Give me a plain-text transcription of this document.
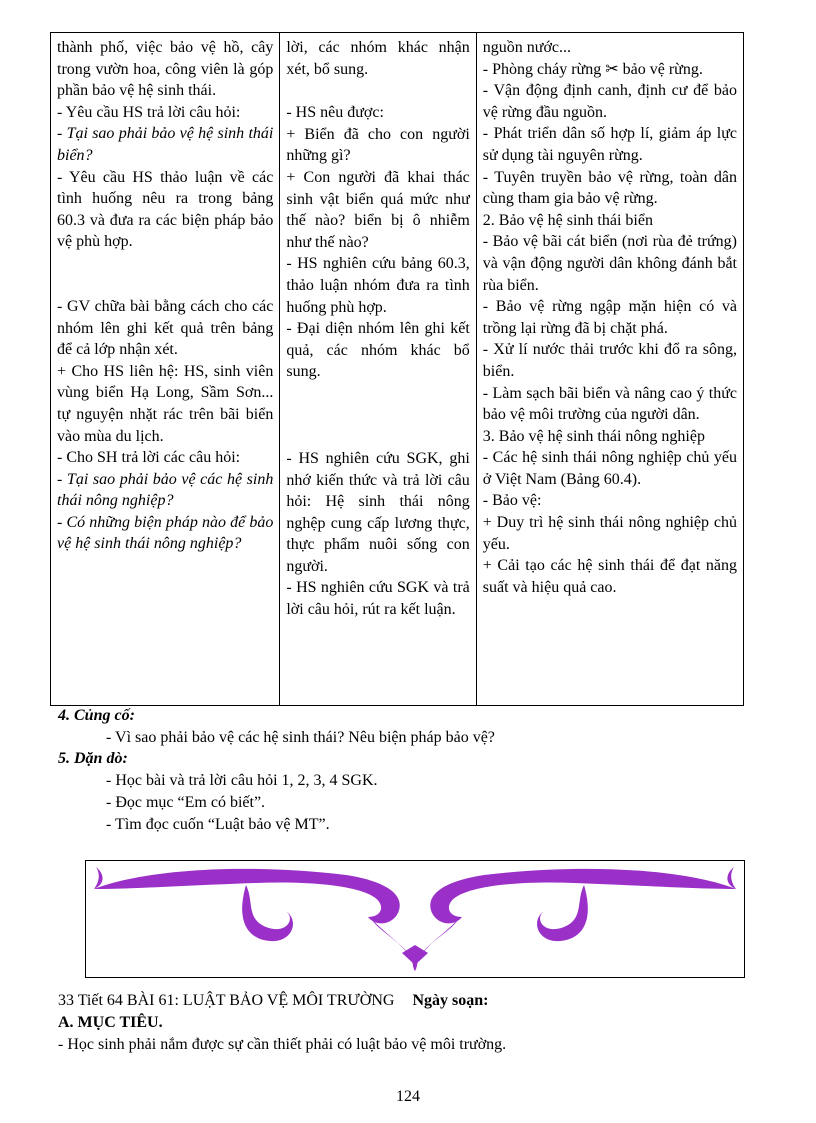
thành phố, việc bảo vệ hồ, cây trong vườn hoa, công viên là góp phần bảo vệ hệ sinh thái.
- Yêu cầu HS trả lời câu hỏi:
- Tại sao phải bảo vệ hệ sinh thái biển?
- Yêu cầu HS thảo luận về các tình huống nêu ra trong bảng 60.3 và đưa ra các biện pháp bảo vệ phù hợp.
- GV chữa bài bằng cách cho các nhóm lên ghi kết quả trên bảng để cả lớp nhận xét.
+ Cho HS liên hệ: HS, sinh viên vùng biển Hạ Long, Sầm Sơn... tự nguyện nhặt rác trên bãi biển vào mùa du lịch.
- Cho SH trả lời các câu hỏi:
- Tại sao phải bảo vệ các hệ sinh thái nông nghiệp?
- Có những biện pháp nào để bảo vệ hệ sinh thái nông nghiệp?
lời, các nhóm khác nhận xét, bổ sung.
- HS nêu được:
+ Biển đã cho con người những gì?
+ Con người đã khai thác sinh vật biển quá mức như thế nào? biển bị ô nhiễm như thế nào?
- HS nghiên cứu bảng 60.3, thảo luận nhóm đưa ra tình huống phù hợp.
- Đại diện nhóm lên ghi kết quả, các nhóm khác bổ sung.
- HS nghiên cứu SGK, ghi nhớ kiến thức và trả lời câu hỏi: Hệ sinh thái nông nghệp cung cấp lương thực, thực phẩm nuôi sống con người.
- HS nghiên cứu SGK và trả lời câu hỏi, rút ra kết luận.
nguồn nước...
- Phòng cháy rừng ✂ bảo vệ rừng.
- Vận động định canh, định cư để bảo vệ rừng đầu nguồn.
- Phát triển dân số hợp lí, giảm áp lực sử dụng tài nguyên rừng.
- Tuyên truyền bảo vệ rừng, toàn dân cùng tham gia bảo vệ rừng.
2. Bảo vệ hệ sinh thái biển
- Bảo vệ bãi cát biển (nơi rùa đẻ trứng) và vận động người dân không đánh bắt rùa biển.
- Bảo vệ rừng ngập mặn hiện có và trồng lại rừng đã bị chặt phá.
- Xử lí nước thải trước khi đổ ra sông, biển.
- Làm sạch bãi biển và nâng cao ý thức bảo vệ môi trường của người dân.
3. Bảo vệ hệ sinh thái nông nghiệp
- Các hệ sinh thái nông nghiệp chủ yếu ở Việt Nam (Bảng 60.4).
- Bảo vệ:
+ Duy trì hệ sinh thái nông nghiệp chủ yếu.
+ Cải tạo các hệ sinh thái để đạt năng suất và hiệu quả cao.
4. Củng cố:
- Vì sao phải bảo vệ các hệ sinh thái? Nêu biện pháp bảo vệ?
5. Dặn dò:
- Học bài và trả lời câu hỏi 1, 2, 3, 4 SGK.
- Đọc mục “Em có biết”.
- Tìm đọc cuốn “Luật bảo vệ MT”.
33 Tiết 64 BÀI 61: LUẬT BẢO VỆ MÔI TRƯỜNG Ngày soạn:
A. MỤC TIÊU.
- Học sinh phải nắm được sự cần thiết phải có luật bảo vệ môi trường.
124
